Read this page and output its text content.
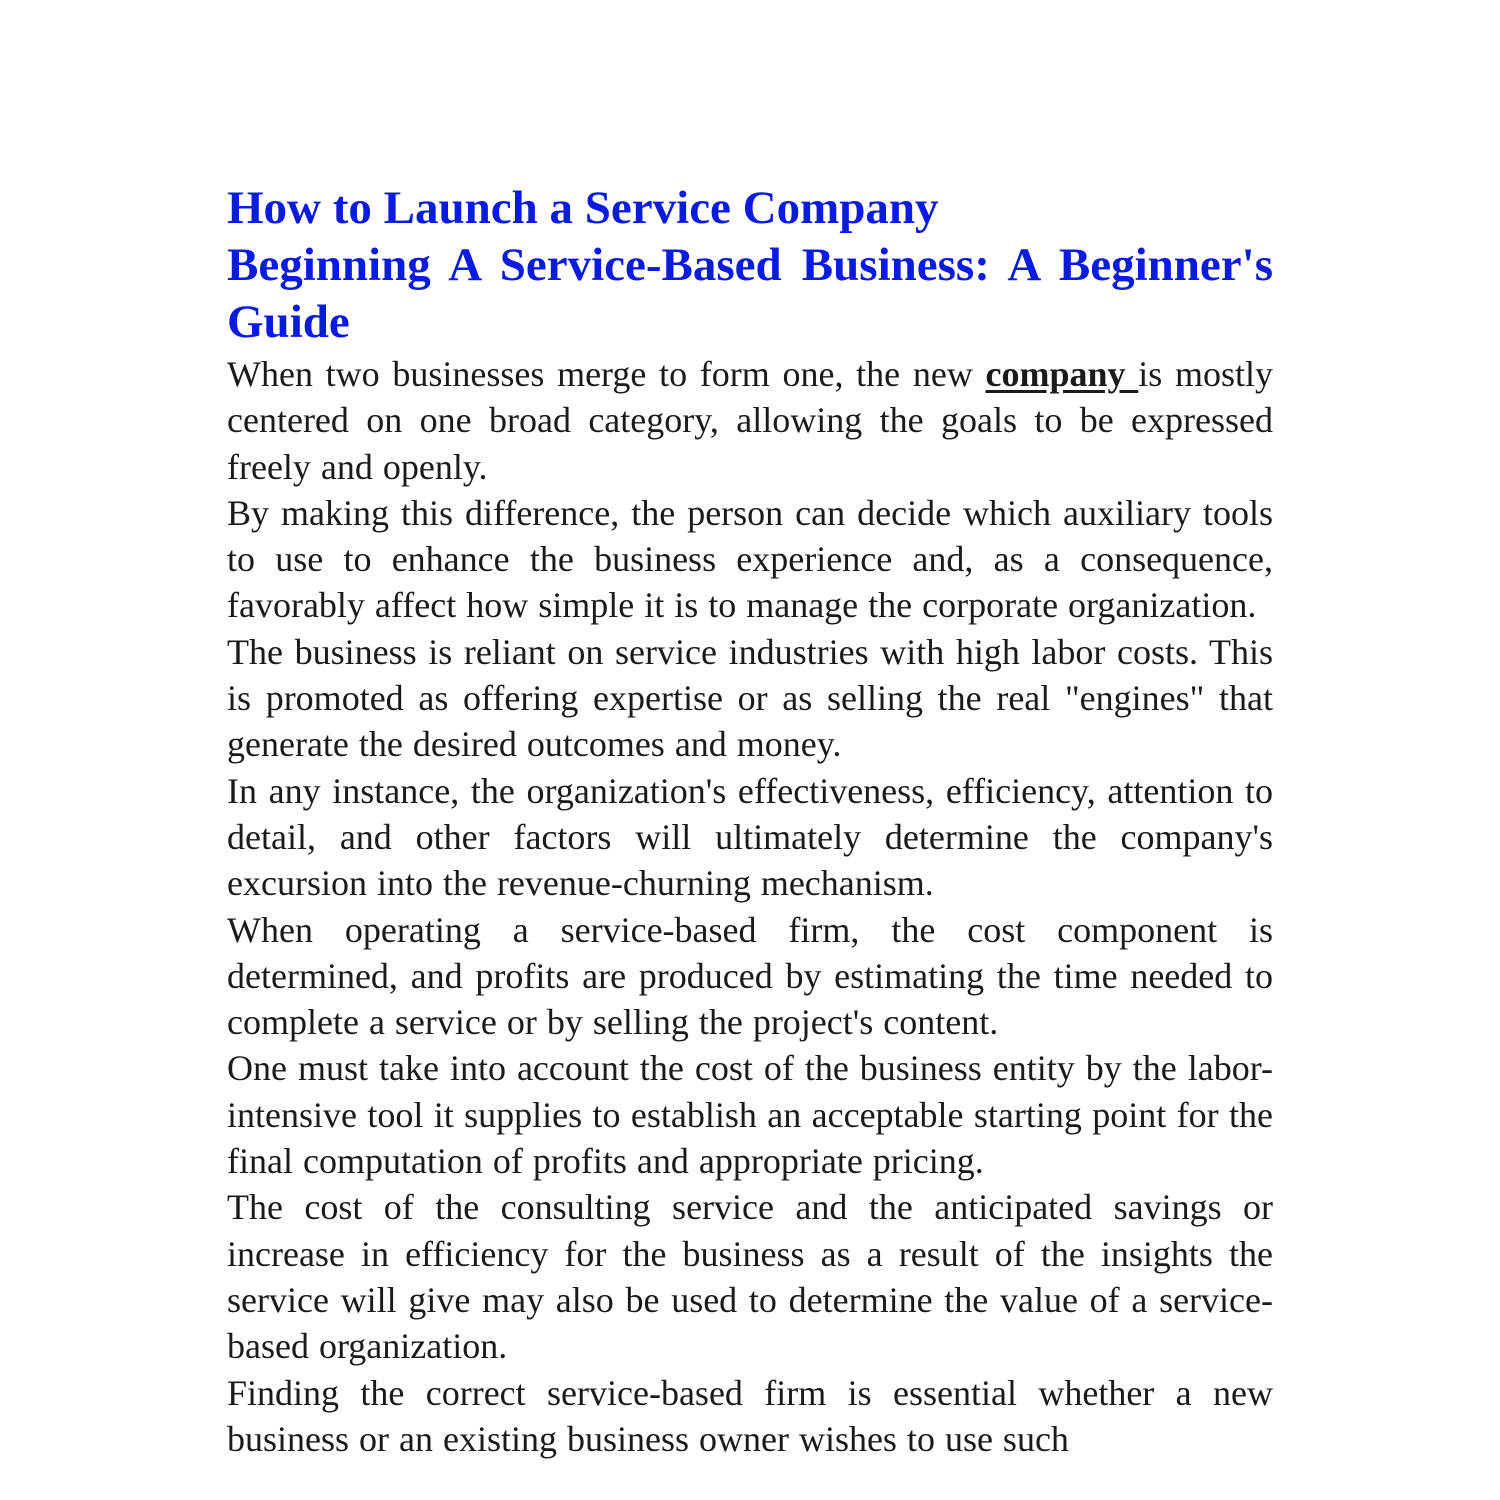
How to Launch a Service Company
Beginning A Service-Based Business: A Beginner's Guide

When two businesses merge to form one, the new company is mostly centered on one broad category, allowing the goals to be expressed freely and openly.

By making this difference, the person can decide which auxiliary tools to use to enhance the business experience and, as a consequence, favorably affect how simple it is to manage the corporate organization.

The business is reliant on service industries with high labor costs. This is promoted as offering expertise or as selling the real "engines" that generate the desired outcomes and money.

In any instance, the organization's effectiveness, efficiency, attention to detail, and other factors will ultimately determine the company's excursion into the revenue-churning mechanism.

When operating a service-based firm, the cost component is determined, and profits are produced by estimating the time needed to complete a service or by selling the project's content.

One must take into account the cost of the business entity by the labor-intensive tool it supplies to establish an acceptable starting point for the final computation of profits and appropriate pricing.

The cost of the consulting service and the anticipated savings or increase in efficiency for the business as a result of the insights the service will give may also be used to determine the value of a service-based organization.

Finding the correct service-based firm is essential whether a new business or an existing business owner wishes to use such
